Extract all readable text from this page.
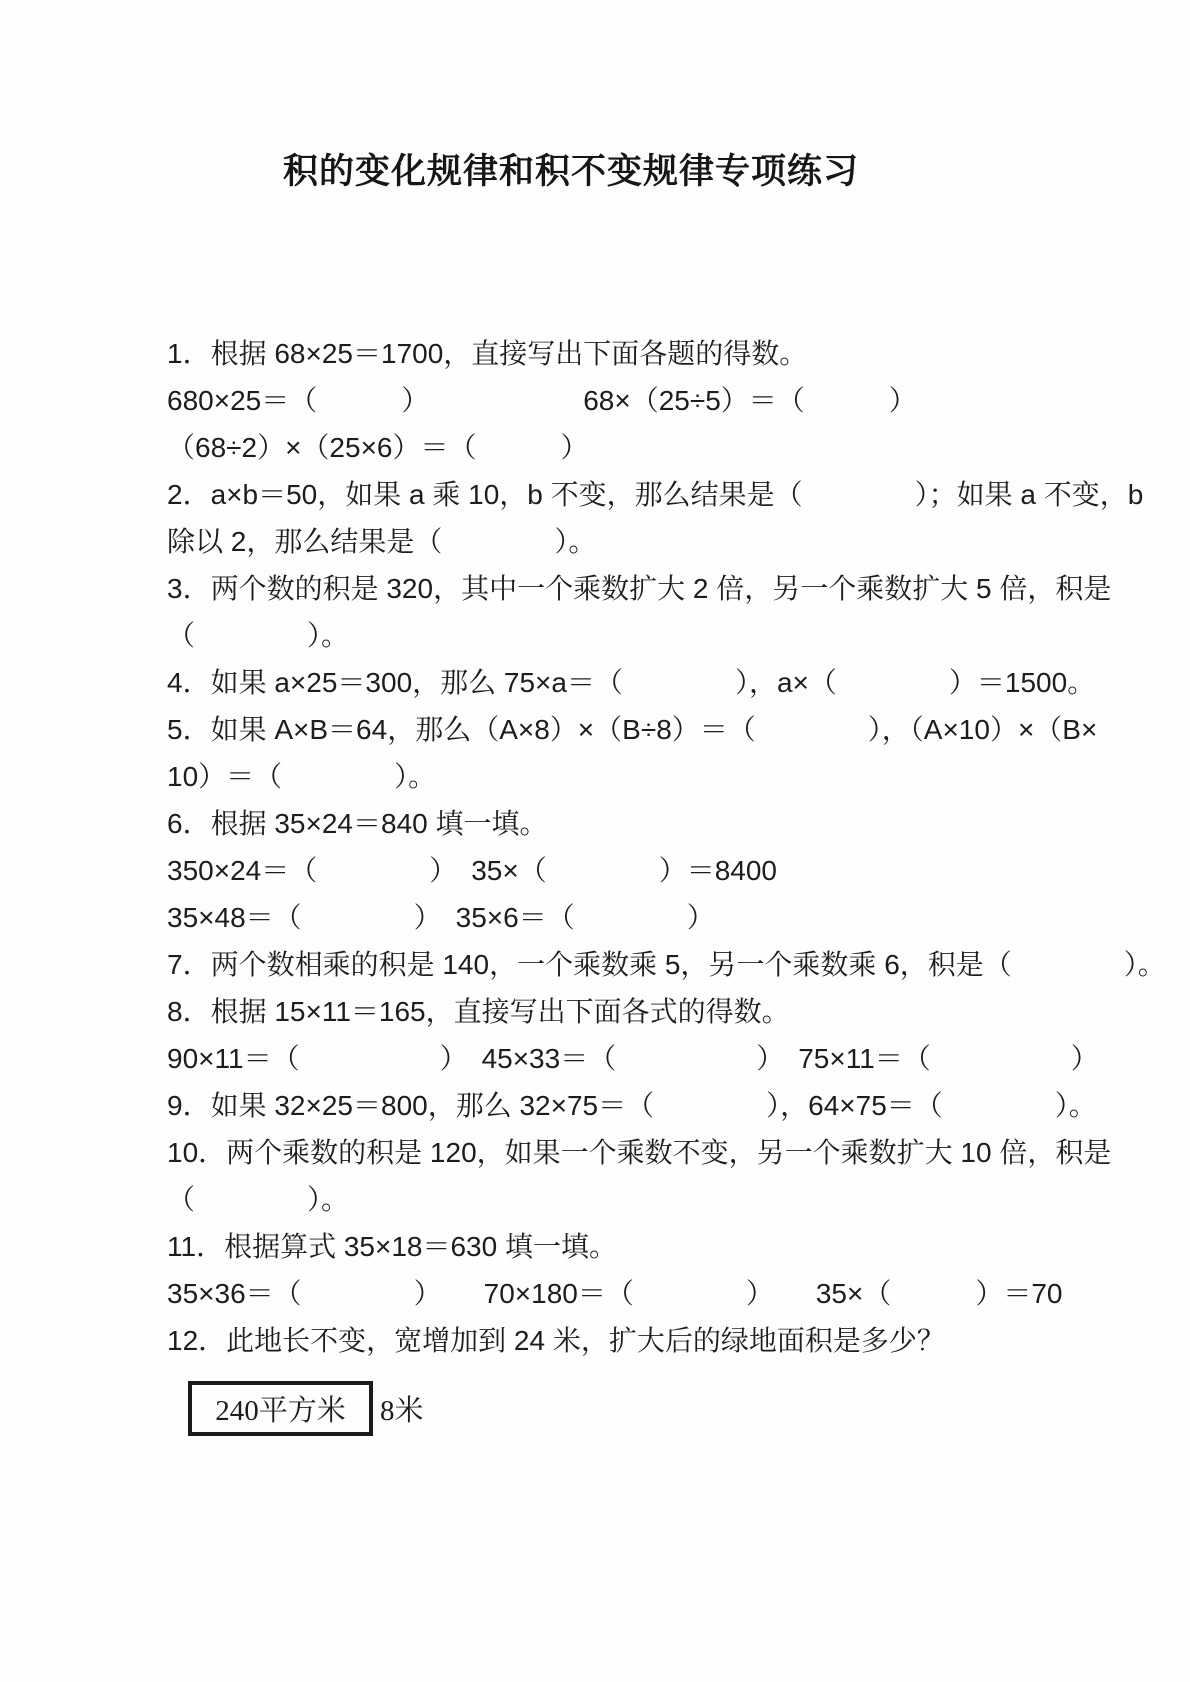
积的变化规律和积不变规律专项练习
1．根据 68×25＝1700，直接写出下面各题的得数。
680×25＝（　　　）　　　　　　68×（25÷5）＝（　　　）
（68÷2）×（25×6）＝（　　　）
2．a×b＝50，如果 a 乘 10，b 不变，那么结果是（　　　　）；如果 a 不变，b
除以 2，那么结果是（　　　　）。
3．两个数的积是 320，其中一个乘数扩大 2 倍，另一个乘数扩大 5 倍，积是
（　　　　）。
4．如果 a×25＝300，那么 75×a＝（　　　　），a×（　　　　）＝1500。
5．如果 A×B＝64，那么（A×8）×（B÷8）＝（　　　　），（A×10）×（B×
10）＝（　　　　）。
6．根据 35×24＝840 填一填。
350×24＝（　　　　）　35×（　　　　）＝8400
35×48＝（　　　　）　35×6＝（　　　　）
7．两个数相乘的积是 140，一个乘数乘 5，另一个乘数乘 6，积是（　　　　）。
8．根据 15×11＝165，直接写出下面各式的得数。
90×11＝（　　　　　）　45×33＝（　　　　　）　75×11＝（　　　　　）
9．如果 32×25＝800，那么 32×75＝（　　　　），64×75＝（　　　　）。
10．两个乘数的积是 120，如果一个乘数不变，另一个乘数扩大 10 倍，积是
（　　　　）。
11．根据算式 35×18＝630 填一填。
35×36＝（　　　　）　　70×180＝（　　　　）　　35×（　　　）＝70
12．此地长不变，宽增加到 24 米，扩大后的绿地面积是多少？
240平方米 8米
